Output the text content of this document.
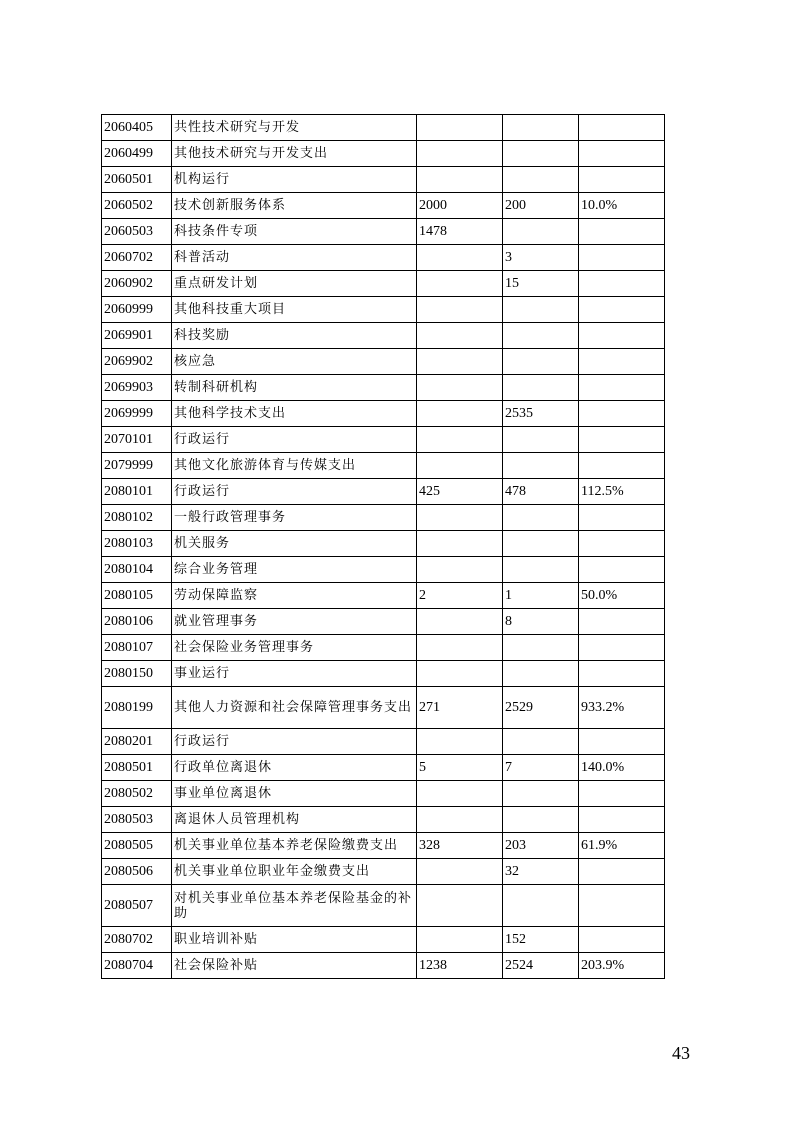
2060405	共性技术研究与开发			
2060499	其他技术研究与开发支出			
2060501	机构运行			
2060502	技术创新服务体系	2000	200	10.0%
2060503	科技条件专项	1478		
2060702	科普活动		3	
2060902	重点研发计划		15	
2060999	其他科技重大项目			
2069901	科技奖励			
2069902	核应急			
2069903	转制科研机构			
2069999	其他科学技术支出		2535	
2070101	行政运行			
2079999	其他文化旅游体育与传媒支出			
2080101	行政运行	425	478	112.5%
2080102	一般行政管理事务			
2080103	机关服务			
2080104	综合业务管理			
2080105	劳动保障监察	2	1	50.0%
2080106	就业管理事务		8	
2080107	社会保险业务管理事务			
2080150	事业运行			
2080199	其他人力资源和社会保障管理事务支出	271	2529	933.2%
2080201	行政运行			
2080501	行政单位离退休	5	7	140.0%
2080502	事业单位离退休			
2080503	离退休人员管理机构			
2080505	机关事业单位基本养老保险缴费支出	328	203	61.9%
2080506	机关事业单位职业年金缴费支出		32	
2080507	对机关事业单位基本养老保险基金的补助			
2080702	职业培训补贴		152	
2080704	社会保险补贴	1238	2524	203.9%
43
